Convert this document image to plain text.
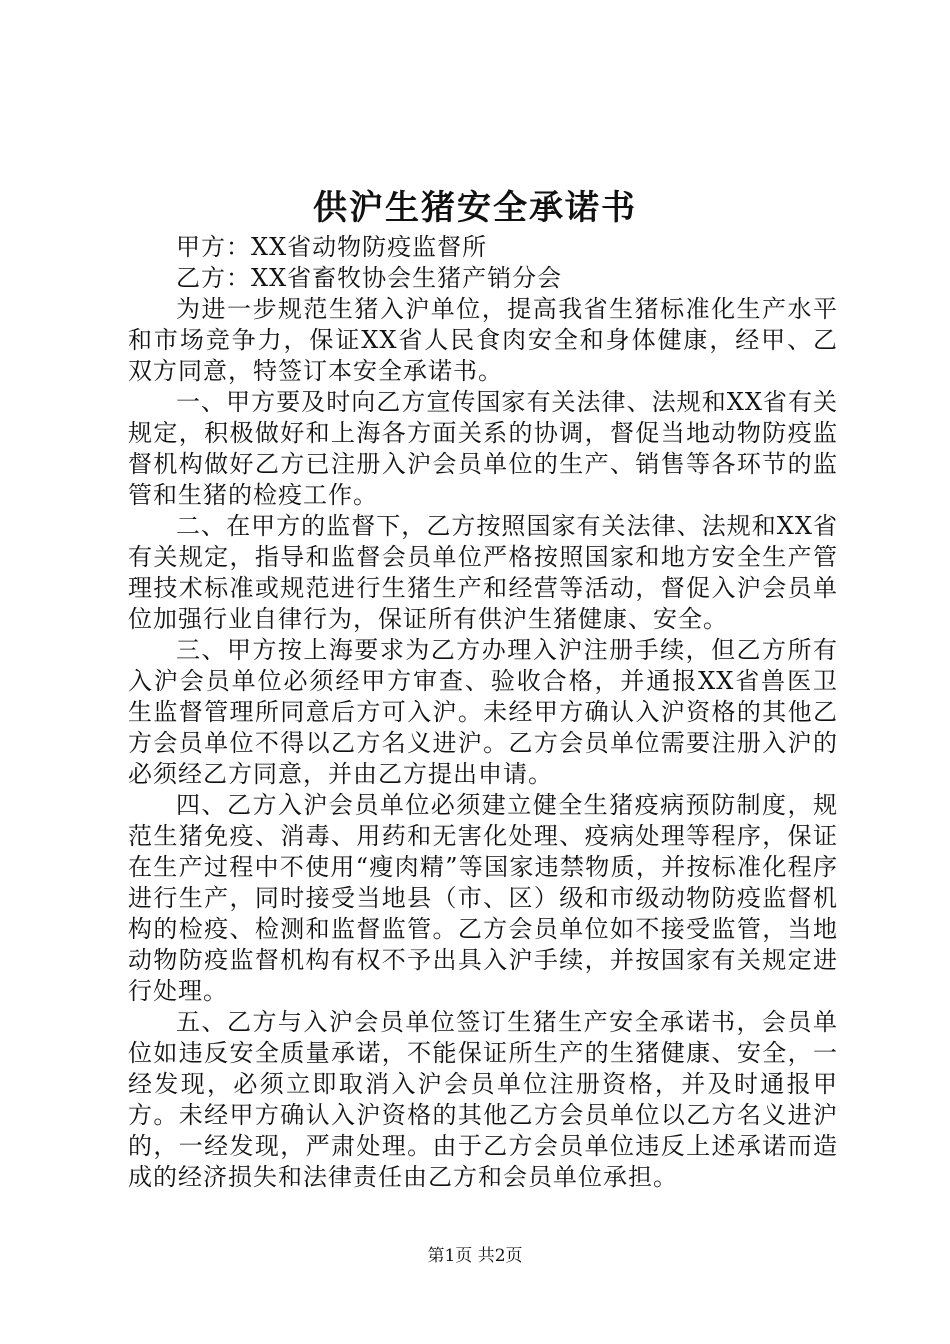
供沪生猪安全承诺书

甲方：XX省动物防疫监督所

乙方：XX省畜牧协会生猪产销分会

为进一步规范生猪入沪单位，提高我省生猪标准化生产水平和市场竞争力，保证XX省人民食肉安全和身体健康，经甲、乙双方同意，特签订本安全承诺书。

一、甲方要及时向乙方宣传国家有关法律、法规和XX省有关规定，积极做好和上海各方面关系的协调，督促当地动物防疫监督机构做好乙方已注册入沪会员单位的生产、销售等各环节的监管和生猪的检疫工作。

二、在甲方的监督下，乙方按照国家有关法律、法规和XX省有关规定，指导和监督会员单位严格按照国家和地方安全生产管理技术标准或规范进行生猪生产和经营等活动，督促入沪会员单位加强行业自律行为，保证所有供沪生猪健康、安全。

三、甲方按上海要求为乙方办理入沪注册手续，但乙方所有入沪会员单位必须经甲方审查、验收合格，并通报XX省兽医卫生监督管理所同意后方可入沪。未经甲方确认入沪资格的其他乙方会员单位不得以乙方名义进沪。乙方会员单位需要注册入沪的必须经乙方同意，并由乙方提出申请。

四、乙方入沪会员单位必须建立健全生猪疫病预防制度，规范生猪免疫、消毒、用药和无害化处理、疫病处理等程序，保证在生产过程中不使用“瘦肉精”等国家违禁物质，并按标准化程序进行生产，同时接受当地县（市、区）级和市级动物防疫监督机构的检疫、检测和监督监管。乙方会员单位如不接受监管，当地动物防疫监督机构有权不予出具入沪手续，并按国家有关规定进行处理。

五、乙方与入沪会员单位签订生猪生产安全承诺书，会员单位如违反安全质量承诺，不能保证所生产的生猪健康、安全，一经发现，必须立即取消入沪会员单位注册资格，并及时通报甲方。未经甲方确认入沪资格的其他乙方会员单位以乙方名义进沪的，一经发现，严肃处理。由于乙方会员单位违反上述承诺而造成的经济损失和法律责任由乙方和会员单位承担。

第1页 共2页
